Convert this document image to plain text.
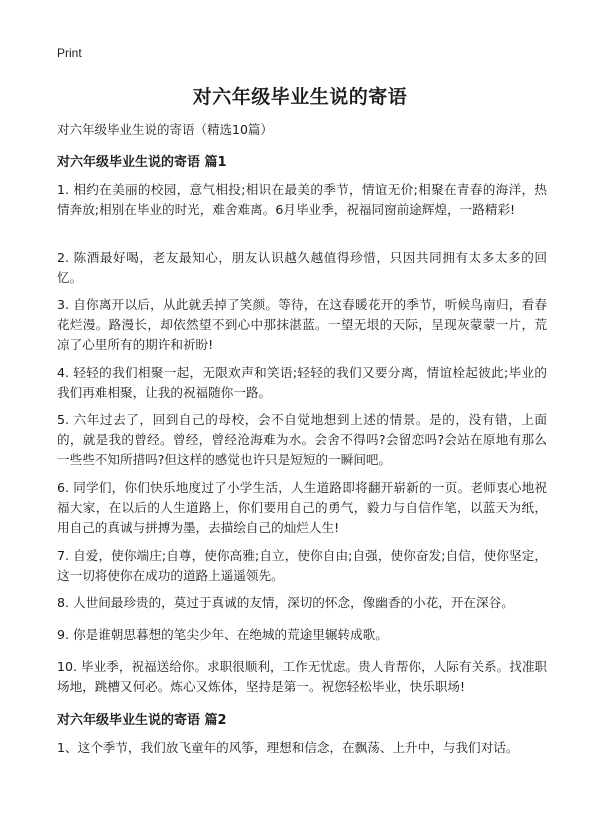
Print
对六年级毕业生说的寄语
对六年级毕业生说的寄语（精选10篇）
对六年级毕业生说的寄语 篇1
1. 相约在美丽的校园，意气相投;相识在最美的季节，情谊无价;相聚在青春的海洋，热情奔放;相别在毕业的时光，难舍难离。6月毕业季，祝福同窗前途辉煌，一路精彩!
2. 陈酒最好喝，老友最知心，朋友认识越久越值得珍惜，只因共同拥有太多太多的回忆。
3. 自你离开以后，从此就丢掉了笑颜。等待，在这春暖花开的季节，听候鸟南归，看春花烂漫。路漫长，却依然望不到心中那抹湛蓝。一望无垠的天际，呈现灰蒙蒙一片，荒凉了心里所有的期许和祈盼!
4. 轻轻的我们相聚一起，无限欢声和笑语;轻轻的我们又要分离，情谊栓起彼此;毕业的我们再难相聚，让我的祝福随你一路。
5. 六年过去了，回到自己的母校，会不自觉地想到上述的情景。是的，没有错，上面的，就是我的曾经。曾经，曾经沧海难为水。会舍不得吗?会留恋吗?会站在原地有那么一些些不知所措吗?但这样的感觉也许只是短短的一瞬间吧。
6. 同学们，你们快乐地度过了小学生活，人生道路即将翻开崭新的一页。老师衷心地祝福大家，在以后的人生道路上，你们要用自己的勇气，毅力与自信作笔，以蓝天为纸，用自己的真诚与拼搏为墨，去描绘自己的灿烂人生!
7. 自爱，使你端庄;自尊，使你高雅;自立，使你自由;自强，使你奋发;自信，使你坚定，这一切将使你在成功的道路上遥遥领先。
8. 人世间最珍贵的，莫过于真诚的友情，深切的怀念，像幽香的小花，开在深谷。
9. 你是谁朝思暮想的笔尖少年、在绝城的荒途里辗转成歌。
10. 毕业季，祝福送给你。求职很顺利，工作无忧虑。贵人肯帮你，人际有关系。找准职场地，跳槽又何必。炼心又炼体，坚持是第一。祝您轻松毕业，快乐职场!
对六年级毕业生说的寄语 篇2
1、这个季节，我们放飞童年的风筝，理想和信念，在飘荡、上升中，与我们对话。
